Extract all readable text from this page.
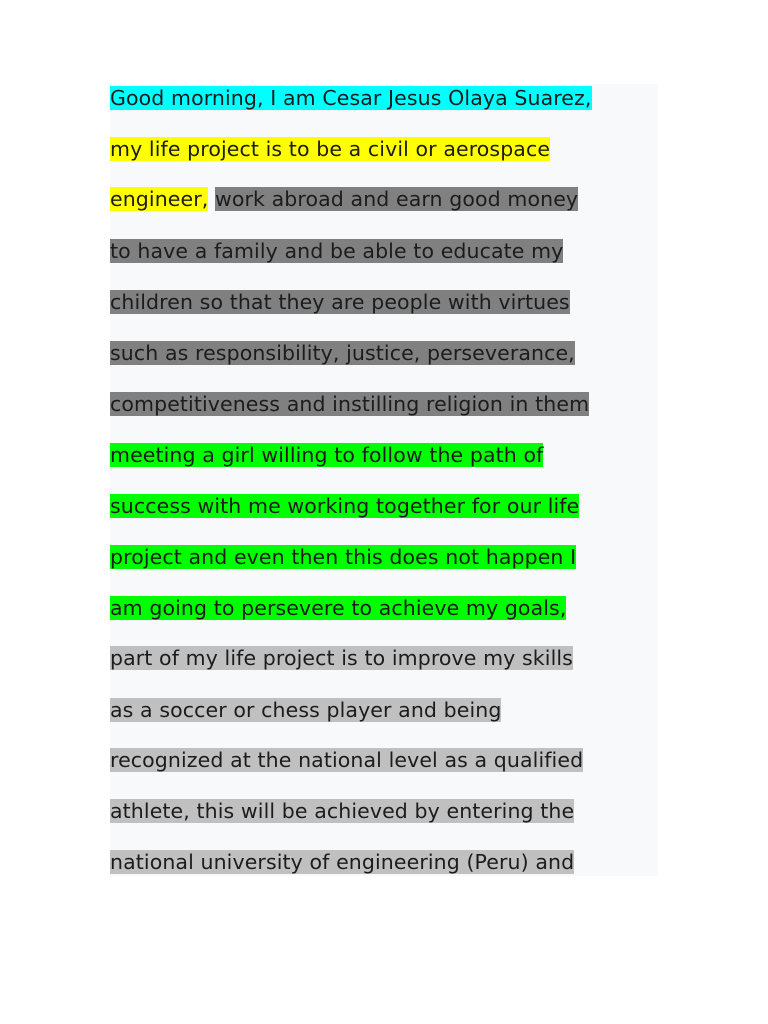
Good morning, I am Cesar Jesus Olaya Suarez,
my life project is to be a civil or aerospace
engineer, work abroad and earn good money
to have a family and be able to educate my
children so that they are people with virtues
such as responsibility, justice, perseverance,
competitiveness and instilling religion in them
meeting a girl willing to follow the path of
success with me working together for our life
project and even then this does not happen I
am going to persevere to achieve my goals,
part of my life project is to improve my skills
as a soccer or chess player and being
recognized at the national level as a qualified
athlete, this will be achieved by entering the
national university of engineering (Peru) and
